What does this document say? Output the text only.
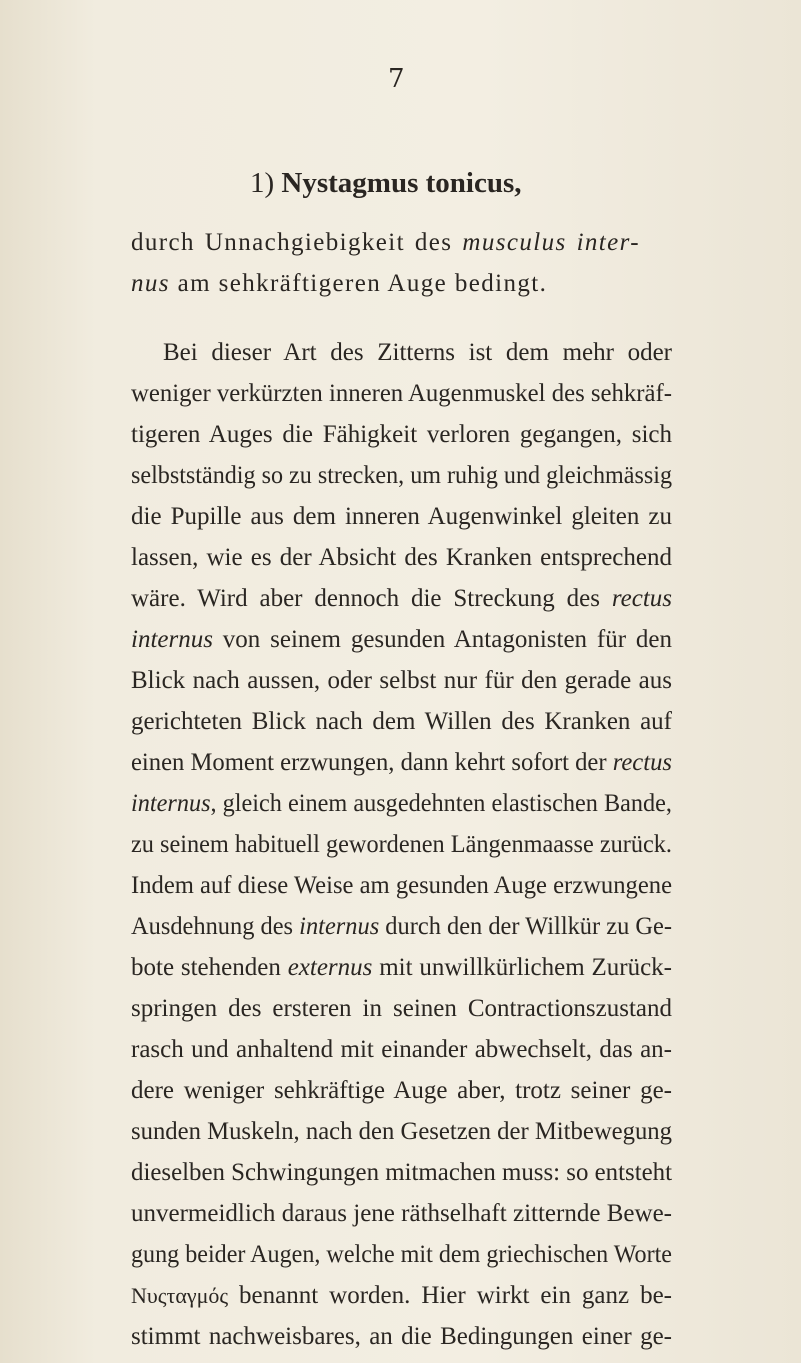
7
1) Nystagmus tonicus,
durch Unnachgiebigkeit des musculus inter-
nus am sehkräftigeren Auge bedingt.
Bei dieser Art des Zitterns ist dem mehr oder
weniger verkürzten inneren Augenmuskel des sehkräf-
tigeren Auges die Fähigkeit verloren gegangen, sich
selbstständig so zu strecken, um ruhig und gleichmässig
die Pupille aus dem inneren Augenwinkel gleiten zu
lassen, wie es der Absicht des Kranken entsprechend
wäre. Wird aber dennoch die Streckung des rectus
internus von seinem gesunden Antagonisten für den
Blick nach aussen, oder selbst nur für den gerade aus
gerichteten Blick nach dem Willen des Kranken auf
einen Moment erzwungen, dann kehrt sofort der rectus
internus, gleich einem ausgedehnten elastischen Bande,
zu seinem habituell gewordenen Längenmaasse zurück.
Indem auf diese Weise am gesunden Auge erzwungene
Ausdehnung des internus durch den der Willkür zu Ge-
bote stehenden externus mit unwillkürlichem Zurück-
springen des ersteren in seinen Contractionszustand
rasch und anhaltend mit einander abwechselt, das an-
dere weniger sehkräftige Auge aber, trotz seiner ge-
sunden Muskeln, nach den Gesetzen der Mitbewegung
dieselben Schwingungen mitmachen muss: so entsteht
unvermeidlich daraus jene räthselhaft zitternde Bewe-
gung beider Augen, welche mit dem griechischen Worte
Νυςταγμός benannt worden. Hier wirkt ein ganz be-
stimmt nachweisbares, an die Bedingungen einer ge-
